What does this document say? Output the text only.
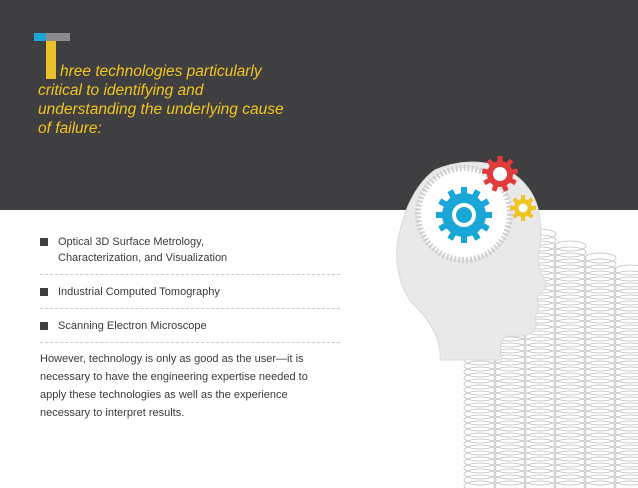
hree technologies particularly
critical to identifying and understanding the underlying cause of failure:
Optical 3D Surface Metrology,
Characterization, and Visualization
Industrial Computed Tomography
Scanning Electron Microscope

However, technology is only as good as the user—it is necessary to have the engineering expertise needed to apply these technologies as well as the experience necessary to interpret results.
